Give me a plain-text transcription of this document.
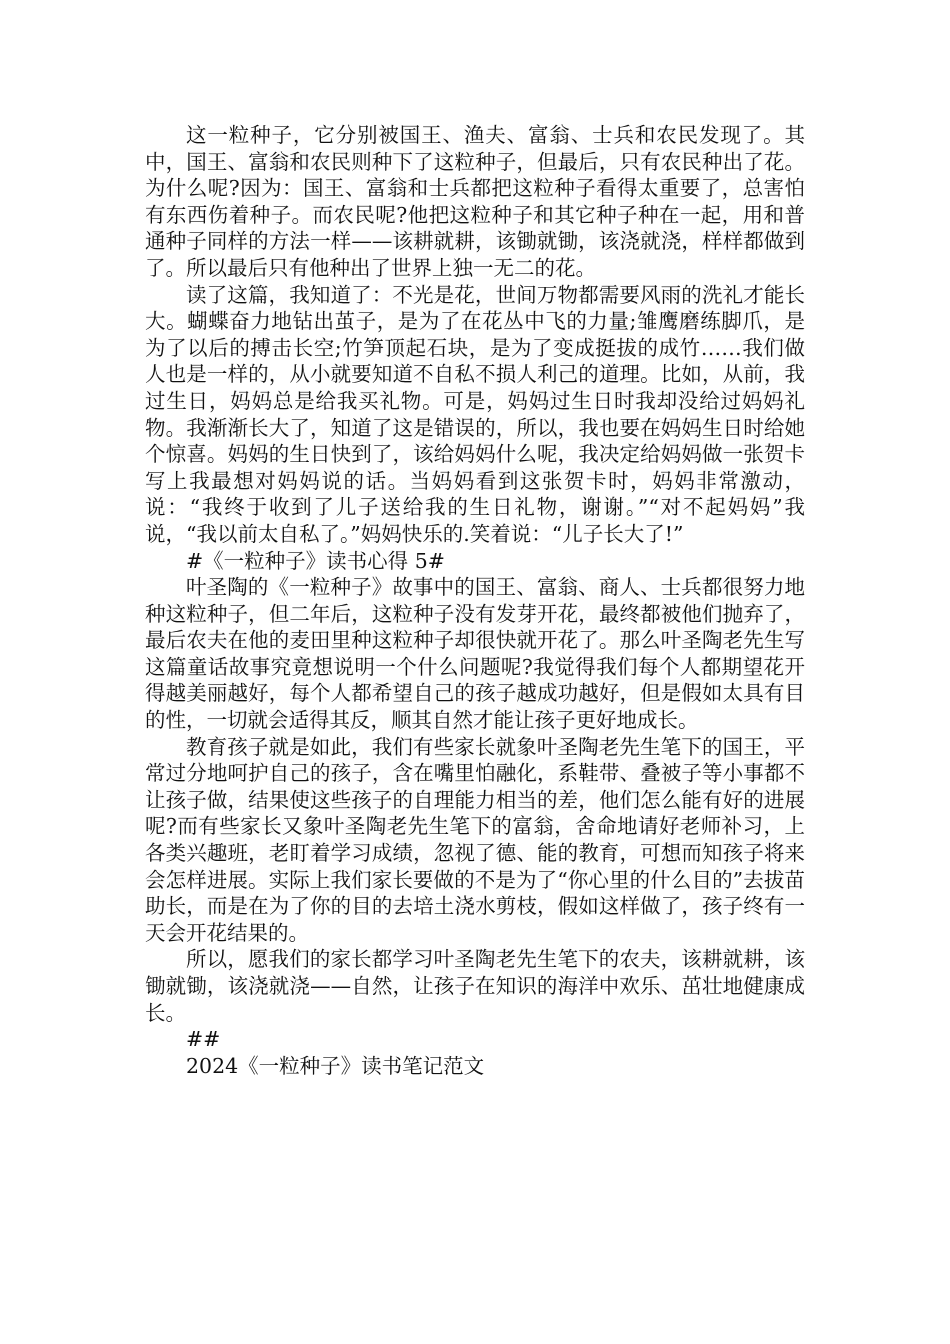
这一粒种子，它分别被国王、渔夫、富翁、士兵和农民发现了。其中，国王、富翁和农民则种下了这粒种子，但最后，只有农民种出了花。为什么呢?因为：国王、富翁和士兵都把这粒种子看得太重要了，总害怕有东西伤着种子。而农民呢?他把这粒种子和其它种子种在一起，用和普通种子同样的方法一样——该耕就耕，该锄就锄，该浇就浇，样样都做到了。所以最后只有他种出了世界上独一无二的花。

读了这篇，我知道了：不光是花，世间万物都需要风雨的洗礼才能长大。蝴蝶奋力地钻出茧子，是为了在花丛中飞的力量;雏鹰磨练脚爪，是为了以后的搏击长空;竹笋顶起石块，是为了变成挺拔的成竹……我们做人也是一样的，从小就要知道不自私不损人利己的道理。比如，从前，我过生日，妈妈总是给我买礼物。可是，妈妈过生日时我却没给过妈妈礼物。我渐渐长大了，知道了这是错误的，所以，我也要在妈妈生日时给她个惊喜。妈妈的生日快到了，该给妈妈什么呢，我决定给妈妈做一张贺卡写上我最想对妈妈说的话。当妈妈看到这张贺卡时，妈妈非常激动，说：“我终于收到了儿子送给我的生日礼物，谢谢。”“对不起妈妈”我说，“我以前太自私了。”妈妈快乐的.笑着说：“儿子长大了!”

#《一粒种子》读书心得 5#

叶圣陶的《一粒种子》故事中的国王、富翁、商人、士兵都很努力地种这粒种子，但二年后，这粒种子没有发芽开花，最终都被他们抛弃了，最后农夫在他的麦田里种这粒种子却很快就开花了。那么叶圣陶老先生写这篇童话故事究竟想说明一个什么问题呢?我觉得我们每个人都期望花开得越美丽越好，每个人都希望自己的孩子越成功越好，但是假如太具有目的性，一切就会适得其反，顺其自然才能让孩子更好地成长。

教育孩子就是如此，我们有些家长就象叶圣陶老先生笔下的国王，平常过分地呵护自己的孩子，含在嘴里怕融化，系鞋带、叠被子等小事都不让孩子做，结果使这些孩子的自理能力相当的差，他们怎么能有好的进展呢?而有些家长又象叶圣陶老先生笔下的富翁，舍命地请好老师补习，上各类兴趣班，老盯着学习成绩，忽视了德、能的教育，可想而知孩子将来会怎样进展。实际上我们家长要做的不是为了“你心里的什么目的”去拔苗助长，而是在为了你的目的去培土浇水剪枝，假如这样做了，孩子终有一天会开花结果的。

所以，愿我们的家长都学习叶圣陶老先生笔下的农夫，该耕就耕，该锄就锄，该浇就浇——自然，让孩子在知识的海洋中欢乐、茁壮地健康成长。

##

2024《一粒种子》读书笔记范文
